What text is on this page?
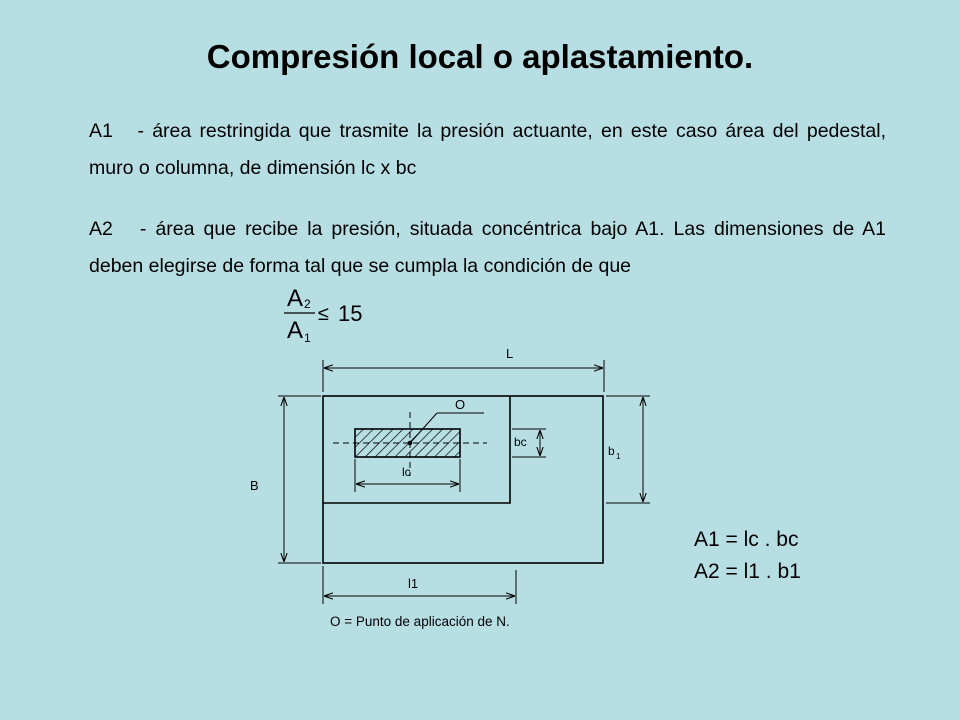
Compresión local o aplastamiento.

A1   - área restringida que trasmite la presión actuante, en este caso área del pedestal, muro o columna, de dimensión lc x bc

A2   - área que recibe la presión, situada concéntrica bajo A1. Las dimensiones de A1 deben elegirse de forma tal que se cumpla la condición de que

A 2
A 1
≤ 15
L
B
O
bc
lc
b 1
l1
A1 = lc . bc
A2 = l1 . b1
O = Punto de aplicación de N.
